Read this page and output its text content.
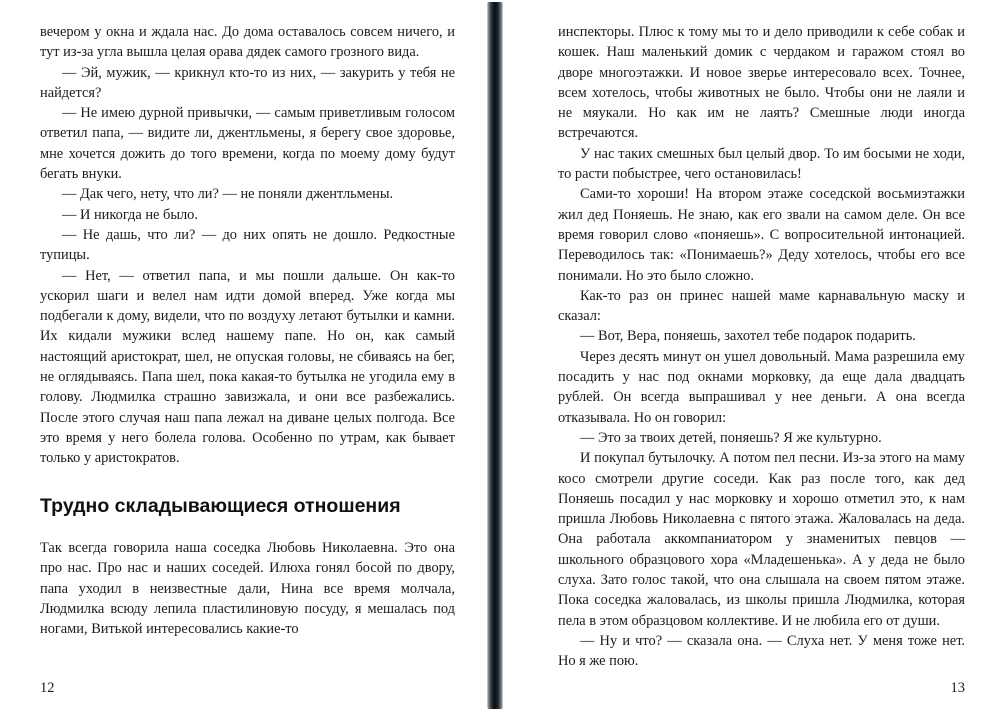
вечером у окна и ждала нас. До дома оставалось совсем ничего, и тут из-за угла вышла целая орава дядек самого грозного вида.

— Эй, мужик, — крикнул кто-то из них, — закурить у тебя не найдется?

— Не имею дурной привычки, — самым приветливым голосом ответил папа, — видите ли, джентльмены, я берегу свое здоровье, мне хочется дожить до того времени, когда по моему дому будут бегать внуки.

— Дак чего, нету, что ли? — не поняли джентльмены.

— И никогда не было.

— Не дашь, что ли? — до них опять не дошло. Редкостные тупицы.

— Нет, — ответил папа, и мы пошли дальше. Он как-то ускорил шаги и велел нам идти домой вперед. Уже когда мы подбегали к дому, видели, что по воздуху летают бутылки и камни. Их кидали мужики вслед нашему папе. Но он, как самый настоящий аристократ, шел, не опуская головы, не сбиваясь на бег, не оглядываясь. Папа шел, пока какая-то бутылка не угодила ему в голову. Людмилка страшно завизжала, и они все разбежались. После этого случая наш папа лежал на диване целых полгода. Все это время у него болела голова. Особенно по утрам, как бывает только у аристократов.

Трудно складывающиеся отношения

Так всегда говорила наша соседка Любовь Николаевна. Это она про нас. Про нас и наших соседей. Илюха гонял босой по двору, папа уходил в неизвестные дали, Нина все время молчала, Людмилка всюду лепила пластилиновую посуду, я мешалась под ногами, Витькой интересовались какие-то

12

инспекторы. Плюс к тому мы то и дело приводили к себе собак и кошек. Наш маленький домик с чердаком и гаражом стоял во дворе многоэтажки. И новое зверье интересовало всех. Точнее, всем хотелось, чтобы животных не было. Чтобы они не лаяли и не мяукали. Но как им не лаять? Смешные люди иногда встречаются.

У нас таких смешных был целый двор. То им босыми не ходи, то расти побыстрее, чего остановилась!

Сами-то хороши! На втором этаже соседской восьмиэтажки жил дед Поняешь. Не знаю, как его звали на самом деле. Он все время говорил слово «поняешь». С вопросительной интонацией. Переводилось так: «Понимаешь?» Деду хотелось, чтобы его все понимали. Но это было сложно.

Как-то раз он принес нашей маме карнавальную маску и сказал:

— Вот, Вера, поняешь, захотел тебе подарок подарить.

Через десять минут он ушел довольный. Мама разрешила ему посадить у нас под окнами морковку, да еще дала двадцать рублей. Он всегда выпрашивал у нее деньги. А она всегда отказывала. Но он говорил:

— Это за твоих детей, поняешь? Я же культурно.

И покупал бутылочку. А потом пел песни. Из-за этого на маму косо смотрели другие соседи. Как раз после того, как дед Поняешь посадил у нас морковку и хорошо отметил это, к нам пришла Любовь Николаевна с пятого этажа. Жаловалась на деда. Она работала аккомпаниатором у знаменитых певцов — школьного образцового хора «Младешенька». А у деда не было слуха. Зато голос такой, что она слышала на своем пятом этаже. Пока соседка жаловалась, из школы пришла Людмилка, которая пела в этом образцовом коллективе. И не любила его от души.

— Ну и что? — сказала она. — Слуха нет. У меня тоже нет. Но я же пою.

13
